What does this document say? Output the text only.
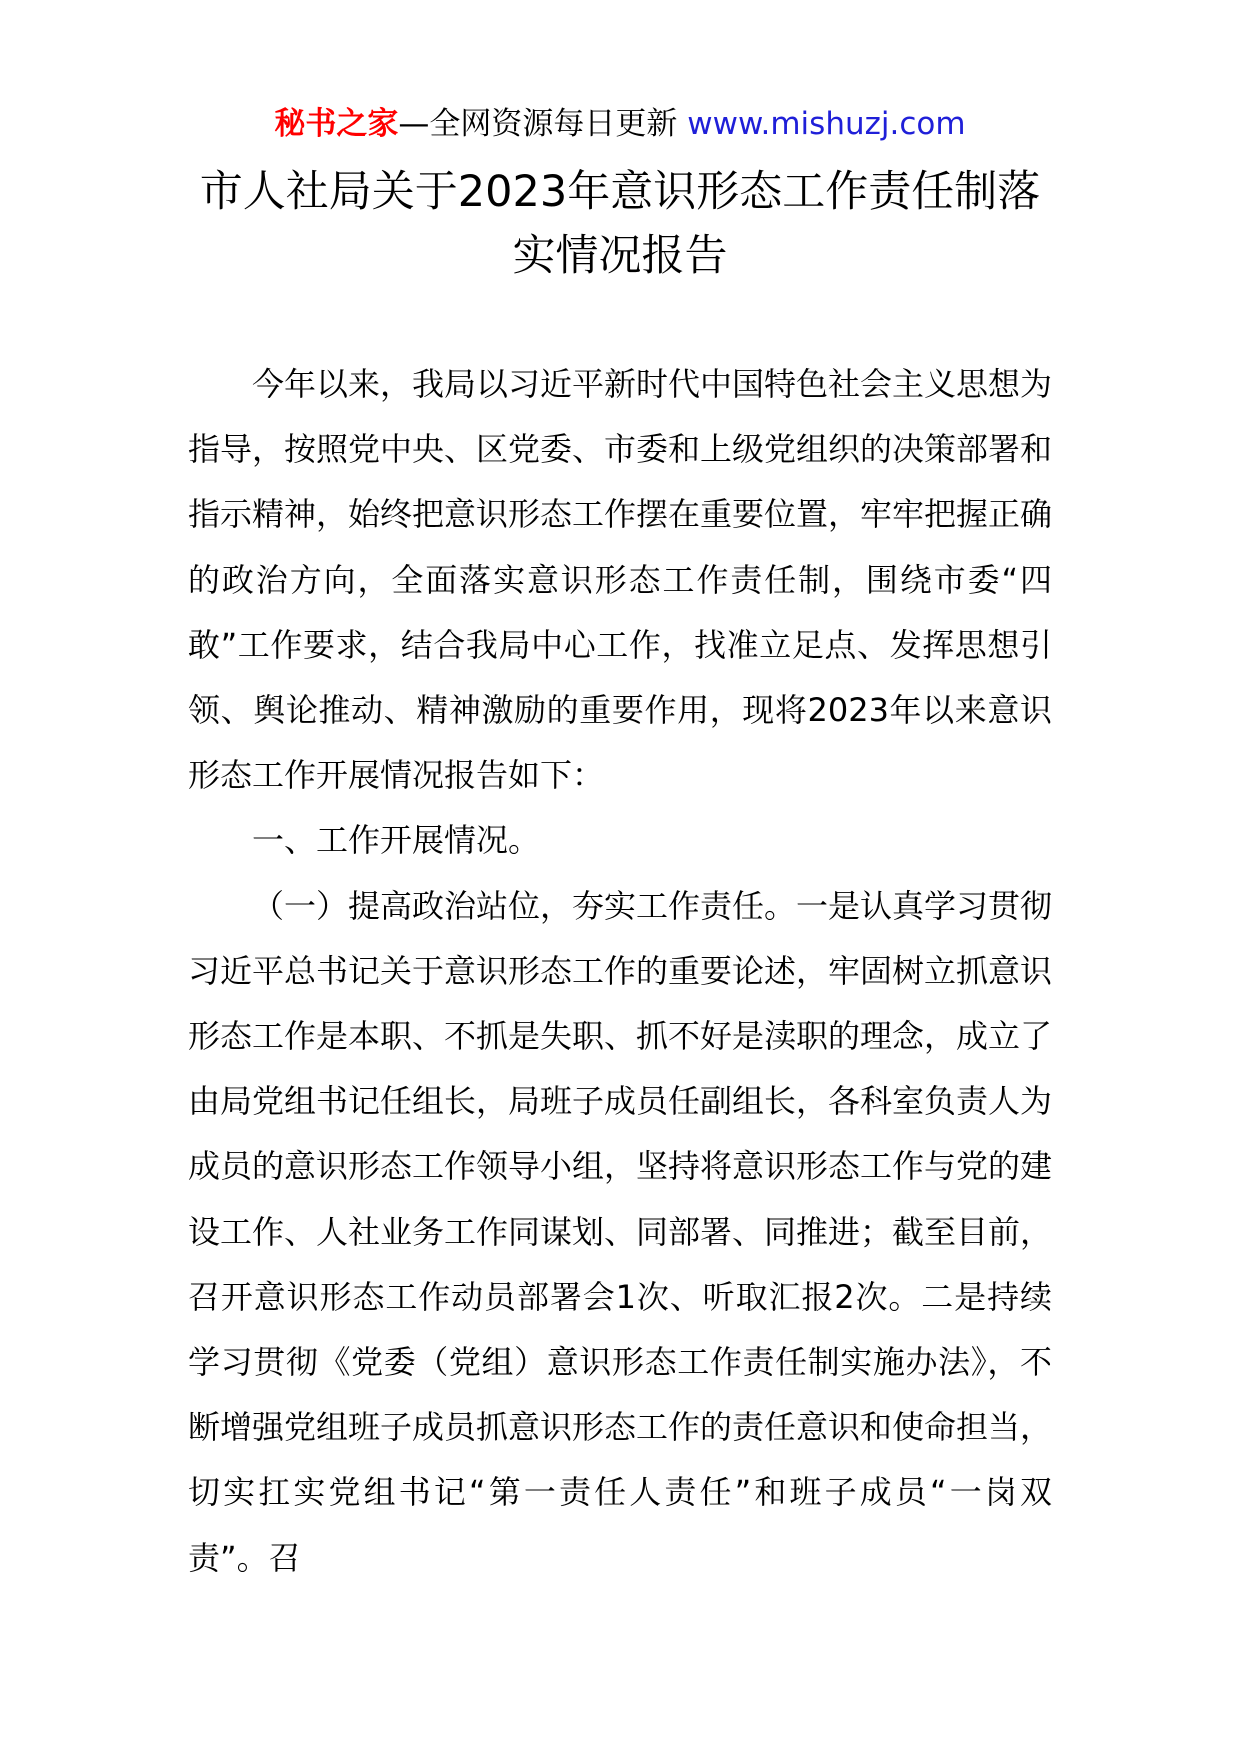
秘书之家—全网资源每日更新 www.mishuzj.com
市人社局关于2023年意识形态工作责任制落实情况报告

今年以来，我局以习近平新时代中国特色社会主义思想为指导，按照党中央、区党委、市委和上级党组织的决策部署和指示精神，始终把意识形态工作摆在重要位置，牢牢把握正确的政治方向，全面落实意识形态工作责任制，围绕市委“四敢”工作要求，结合我局中心工作，找准立足点、发挥思想引领、舆论推动、精神激励的重要作用，现将2023年以来意识形态工作开展情况报告如下：

一、工作开展情况。

（一）提高政治站位，夯实工作责任。一是认真学习贯彻习近平总书记关于意识形态工作的重要论述，牢固树立抓意识形态工作是本职、不抓是失职、抓不好是渎职的理念，成立了由局党组书记任组长，局班子成员任副组长，各科室负责人为成员的意识形态工作领导小组，坚持将意识形态工作与党的建设工作、人社业务工作同谋划、同部署、同推进；截至目前，召开意识形态工作动员部署会1次、听取汇报2次。二是持续学习贯彻《党委（党组）意识形态工作责任制实施办法》，不断增强党组班子成员抓意识形态工作的责任意识和使命担当，切实扛实党组书记“第一责任人责任”和班子成员“一岗双责”。召
